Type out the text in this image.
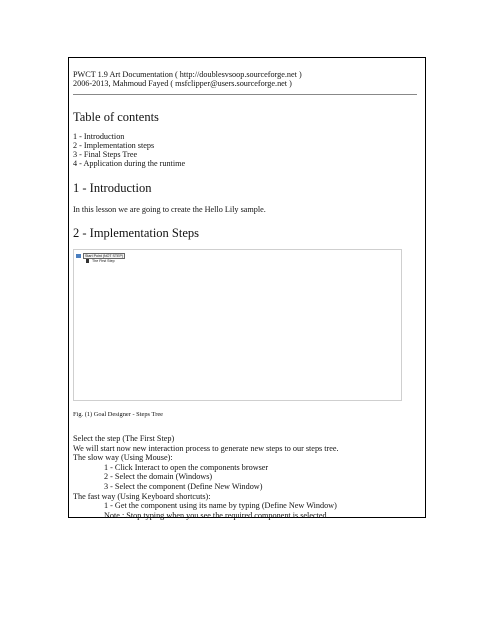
PWCT 1.9 Art Documentation ( http://doublesvsoop.sourceforge.net )
2006-2013, Mahmoud Fayed ( msfclipper@users.sourceforge.net )
Table of contents
1 - Introduction
2 - Implementation steps
3 - Final Steps Tree
4 - Application during the runtime
1 - Introduction
In this lesson we are going to create the Hello Lily sample.
2 - Implementation Steps
Start Point (NOT STEP)
The First Step
Fig. (1) Goal Designer - Steps Tree

Select the step (The First Step)

We will start now new interaction process to generate new steps to our steps tree.

The slow way (Using Mouse):

1 - Click Interact to open the components browser

2 - Select the domain (Windows)

3 - Select the component (Define New Window)

The fast way (Using Keyboard shortcuts):

1 - Get the component using its name by typing (Define New Window)

Note : Stop typing when you see the required component is selected
